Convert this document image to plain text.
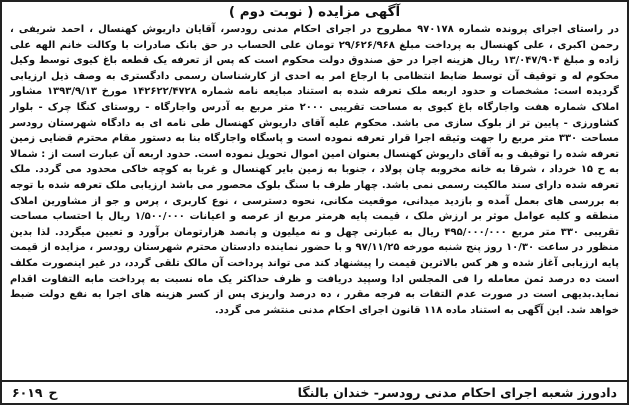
آگهی مزایده ( نوبت دوم )

در راستای اجرای پرونده شماره ۹۷۰۱۷۸ مطروح در اجرای احکام مدنی رودسر، آقایان داریوش کهنسال ، احمد شریفی ، رحمن اکبری ، علی کهنسال به پرداخت مبلغ ۲۹/۶۲۶/۹۶۸ تومان علی الحساب در حق بانک صادرات با وکالت خانم الهه علی زاده و مبلغ ۱۳/۰۴۷/۹۰۴ ریال هزینه اجرا در حق صندوق دولت محکوم است که پس از تعرفه یک قطعه باغ کیوی توسط وکیل محکوم له و توقیف آن توسط ضابط انتظامی با ارجاع امر به احدی از کارشناسان رسمی دادگستری به وصف ذیل ارزیابی گردیده است: مشخصات و حدود اربعه ملک تعرفه شده به استناد مبایعه نامه شماره ۱۴۲۶۲۲/۴۷۲۸ مورخ ۱۳۹۳/۹/۱۳ مشاور املاک شماره هفت واجارگاه باغ کیوی به مساحت تقریبی ۲۰۰۰ متر مربع به آدرس واجارگاه - روستای کنگا چرک - بلوار کشاورزی - پایین تر از بلوک سازی می باشد. محکوم علیه آقای داریوش کهنسال طی نامه ای به دادگاه شهرستان رودسر مساحت ۳۳۰ متر مربع را جهت وثیقه اجرا قرار تعرفه نموده است و پاسگاه واجارگاه بنا به دستور مقام محترم قضایی زمین تعرفه شده را توقیف و به آقای داریوش کهنسال بعنوان امین اموال تحویل نموده است. حدود اربعه آن عبارت است از : شمالا به ح ۱۵ خرداد ، شرقا به خانه مخروبه چان پولاد ، جنوبا به زمین بایر کهنسال و غربا به کوچه خاکی محدود می گردد. ملک تعرفه شده دارای سند مالکیت رسمی نمی باشد. چهار طرف با سنگ بلوک محصور می باشد ارزیابی ملک تعرفه شده با توجه به بررسی های بعمل آمده و بازدید میدانی، موقعیت مکانی، نحوه دسترسی ، نوع کاربری ، پرس و جو از مشاورین املاک منطقه و کلیه عوامل موثر بر ارزش ملک ، قیمت پایه هرمتر مربع از عرصه و اعیانات ۱/۵۰۰/۰۰۰ ریال با احتساب مساحت تقریبی ۳۳۰ متر مربع ۴۹۵/۰۰۰/۰۰۰ ریال به عبارتی چهل و نه میلیون و پانصد هزارتومان برآورد و تعیین میگردد. لذا بدین منظور در ساعت ۱۰/۳۰ روز پنج شنبه مورخه ۹۷/۱۱/۲۵ و با حضور نماینده دادستان محترم شهرستان رودسر ، مزایده از قیمت پایه ارزیابی آغاز شده و هر کس بالاترین قیمت را پیشنهاد کند می تواند پرداخت آن مالک تلقی گردد، در غیر اینصورت مکلف است ده درصد ثمن معامله را فی المجلس ادا وسپید دریافت و ظرف حداکثر یک ماه نسبت به پرداخت مابه التفاوت اقدام نماید.بدیهی است در صورت عدم التفات به فرجه مقرر ، ده درصد واریزی پس از کسر هزینه های اجرا به نفع دولت ضبط خواهد شد. این آگهی به استناد ماده ۱۱۸ قانون اجرای احکام مدنی منتشر می گردد.

دادورز شعبه اجرای احکام مدنی رودسر- خندان بالنگا
۶۰۱۹ ح
